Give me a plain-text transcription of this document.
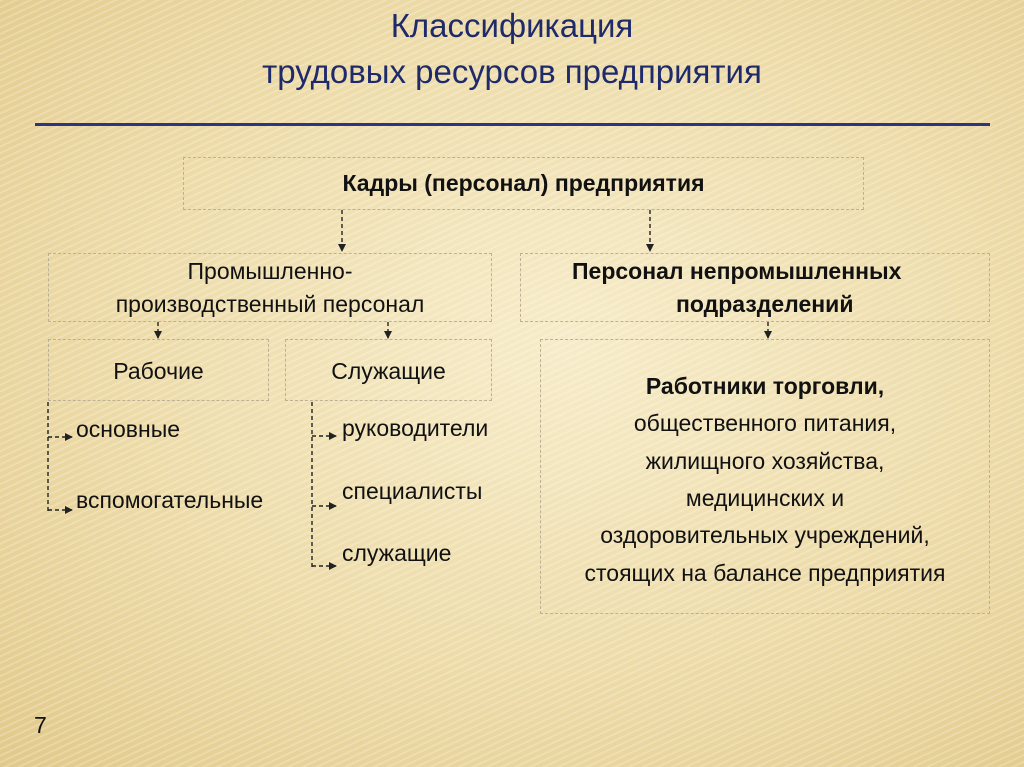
Классификация
трудовых ресурсов предприятия
Кадры (персонал) предприятия
Промышленно-
производственный персонал
Персонал непромышленных
подразделений
Рабочие	Служащие
основные
вспомогательные
руководители
специалисты
служащие
Работники торговли,
общественного питания,
жилищного хозяйства,
медицинских и
оздоровительных учреждений,
стоящих на балансе предприятия
7
